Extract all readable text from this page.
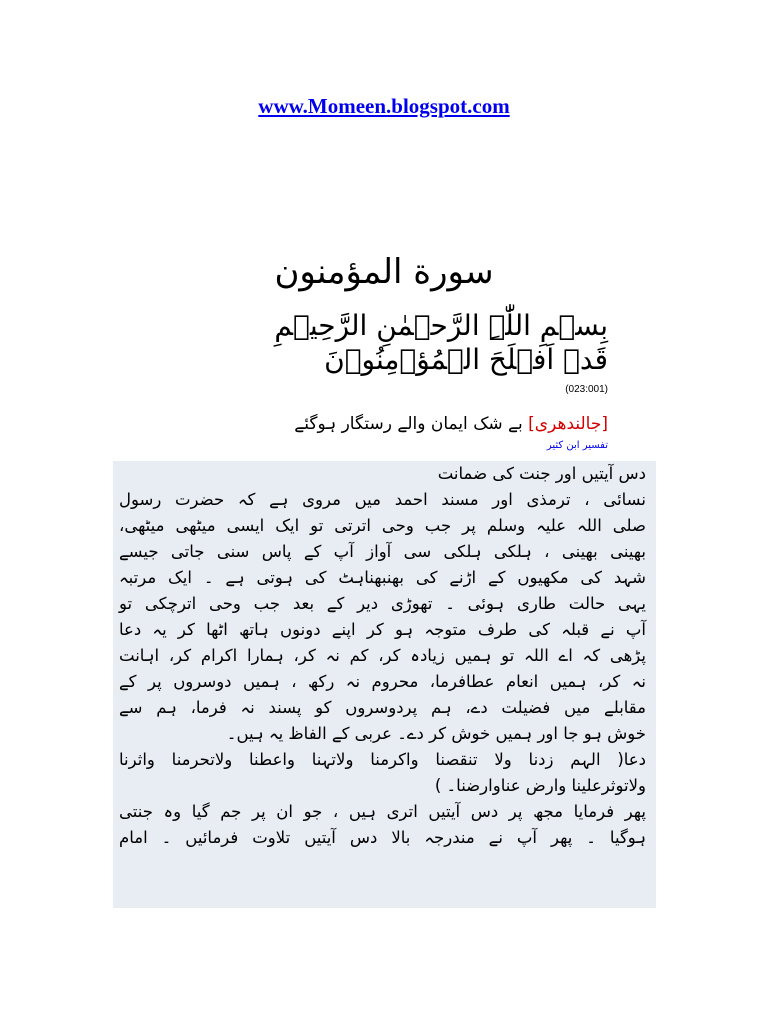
www.Momeen.blogspot.com
سورة المؤمنون
بِسۡمِ اللّٰہِ الرَّحۡمٰنِ الرَّحِیۡمِ
قَدۡ اَفۡلَحَ الۡمُؤۡمِنُوۡنَ
(023:001)
[جالندھری] بے شک ایمان والے رستگار ہوگئے
تفسیر ابن کثیر
دس آیتیں اور جنت کی ضمانت
نسائی ، ترمذی اور مسند احمد میں مروی ہے کہ حضرت رسول
صلی اللہ علیہ وسلم پر جب وحی اترتی تو ایک ایسی میٹھی میٹھی،
بھینی بھینی ، ہلکی ہلکی سی آواز آپ کے پاس سنی جاتی جیسے
شہد کی مکھیوں کے اڑنے کی بھنبھناہٹ کی ہوتی ہے ۔ ایک مرتبہ
یہی حالت طاری ہوئی ۔ تھوڑی دیر کے بعد جب وحی اترچکی تو
آپ نے قبلہ کی طرف متوجہ ہو کر اپنے دونوں ہاتھ اٹھا کر یہ دعا
پڑھی کہ اے اللہ تو ہمیں زیادہ کر، کم نہ کر، ہمارا اکرام کر، اہانت
نہ کر، ہمیں انعام عطافرما، محروم نہ رکھ ، ہمیں دوسروں پر کے
مقابلے میں فضیلت دے، ہم پردوسروں کو پسند نہ فرما، ہم سے
خوش ہو جا اور ہمیں خوش کر دے۔ عربی کے الفاظ یہ ہیں۔
دعا( الہم زدنا ولا تنقصنا واکرمنا ولاتہنا واعطنا ولاتحرمنا واثرنا
ولاتوثرعلینا وارض عناوارضنا۔ )
پھر فرمایا مجھ پر دس آیتیں اتری ہیں ، جو ان پر جم گیا وہ جنتی
ہوگیا ۔ پھر آپ نے مندرجہ بالا دس آیتیں تلاوت فرمائیں ۔ امام
